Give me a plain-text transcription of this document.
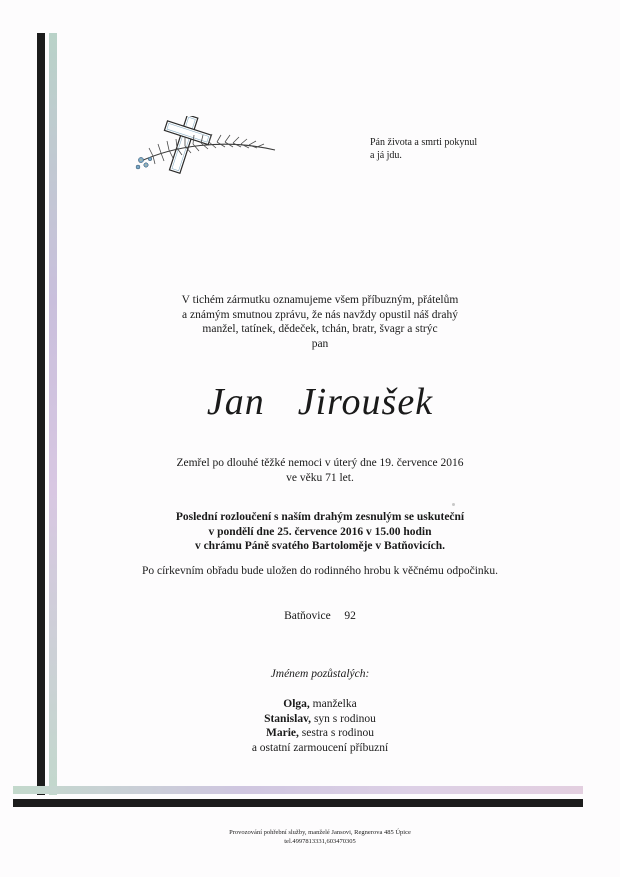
Pán života a smrti pokynul
a já jdu.
V tichém zármutku oznamujeme všem příbuzným, přátelům
a známým smutnou zprávu, že nás navždy opustil náš drahý
manžel, tatínek, dědeček, tchán, bratr, švagr a strýc
pan
Jan  Jiroušek
Zemřel po dlouhé těžké nemoci v úterý dne 19. července 2016
ve věku 71 let.
Poslední rozloučení s naším drahým zesnulým se uskuteční
v pondělí dne 25. července 2016 v 15.00 hodin
v chrámu Páně svatého Bartoloměje v Batňovicích.
Po církevním obřadu bude uložen do rodinného hrobu k věčnému odpočinku.
Batňovice  92
Jménem pozůstalých:
Olga, manželka
Stanislav, syn s rodinou
Marie, sestra s rodinou
a ostatní zarmoucení příbuzní
Provozování pohřební služby, manželé Jansovi, Regnerova 485 Úpice
tel.4997813331,603470305
